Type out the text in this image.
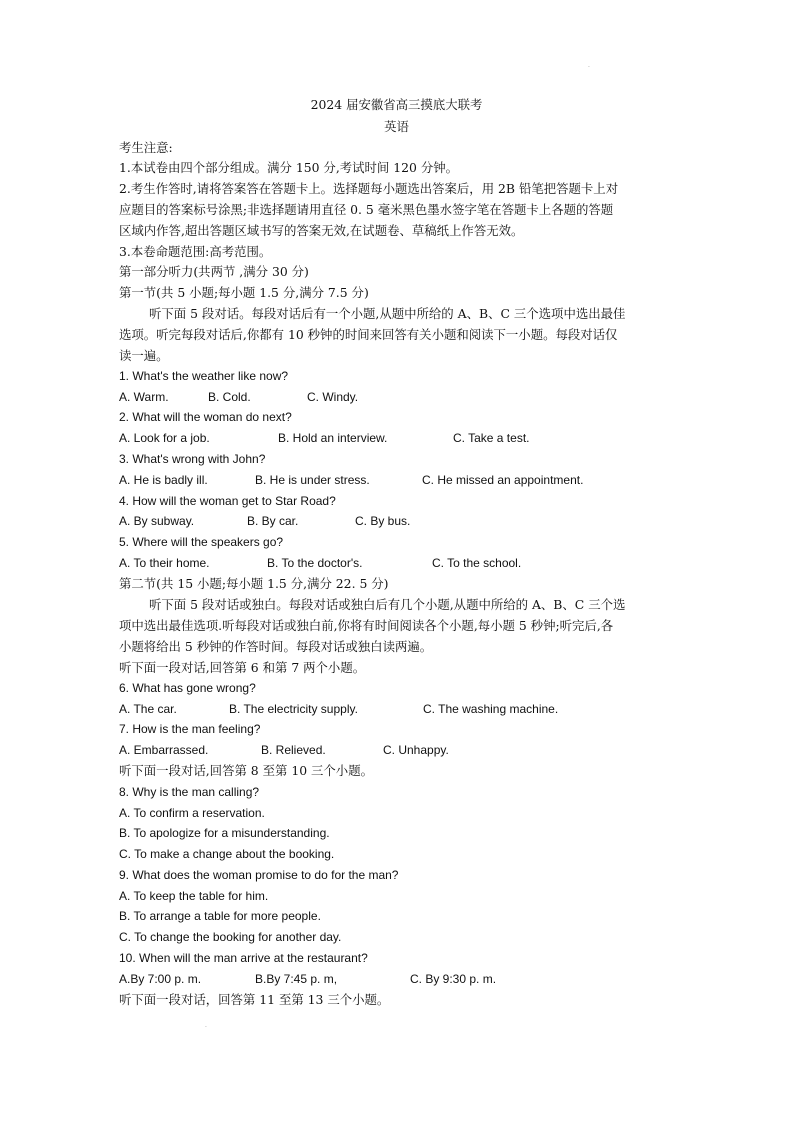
·
·
2024 届安徽省高三摸底大联考
英语
考生注意:
1.本试卷由四个部分组成。满分 150 分,考试时间 120 分钟。
2.考生作答时,请将答案答在答题卡上。选择题每小题选出答案后，用 2B 铅笔把答题卡上对
应题目的答案标号涂黑;非选择题请用直径 0. 5 毫米黑色墨水签字笔在答题卡上各题的答题
区域内作答,超出答题区域书写的答案无效,在试题卷、草稿纸上作答无效。
3.本卷命题范围:高考范围。
第一部分听力(共两节 ,满分 30 分)
第一节(共 5 小题;每小题 1.5 分,满分 7.5 分)
听下面 5 段对话。每段对话后有一个小题,从题中所给的 A、B、C 三个选项中选出最佳
选项。听完每段对话后,你都有 10 秒钟的时间来回答有关小题和阅读下一小题。每段对话仅
读一遍。
1. What's the weather like now?
A. Warm.	B. Cold.	C. Windy.
2. What will the woman do next?
A. Look for a job.	B. Hold an interview.	C. Take a test.
3. What's wrong with John?
A. He is badly ill.	B. He is under stress.	C. He missed an appointment.
4. How will the woman get to Star Road?
A. By subway.	B. By car.	C. By bus.
5. Where will the speakers go?
A. To their home.	B. To the doctor's.	C. To the school.
第二节(共 15 小题;每小题 1.5 分,满分 22. 5 分)
听下面 5 段对话或独白。每段对话或独白后有几个小题,从题中所给的 A、B、C 三个选
项中选出最佳选项.听每段对话或独白前,你将有时间阅读各个小题,每小题 5 秒钟;听完后,各
小题将给出 5 秒钟的作答时间。每段对话或独白读两遍。
听下面一段对话,回答第 6 和第 7 两个小题。
6. What has gone wrong?
A. The car.	B. The electricity supply.	C. The washing machine.
7. How is the man feeling?
A. Embarrassed.	B. Relieved.	C. Unhappy.
听下面一段对话,回答第 8 至第 10 三个小题。
8. Why is the man calling?
A. To confirm a reservation.
B. To apologize for a misunderstanding.
C. To make a change about the booking.
9. What does the woman promise to do for the man?
A. To keep the table for him.
B. To arrange a table for more people.
C. To change the booking for another day.
10. When will the man arrive at the restaurant?
A.By 7:00 p. m.	B.By 7:45 p. m,	C. By 9:30 p. m.
听下面一段对话，回答第 11 至第 13 三个小题。
